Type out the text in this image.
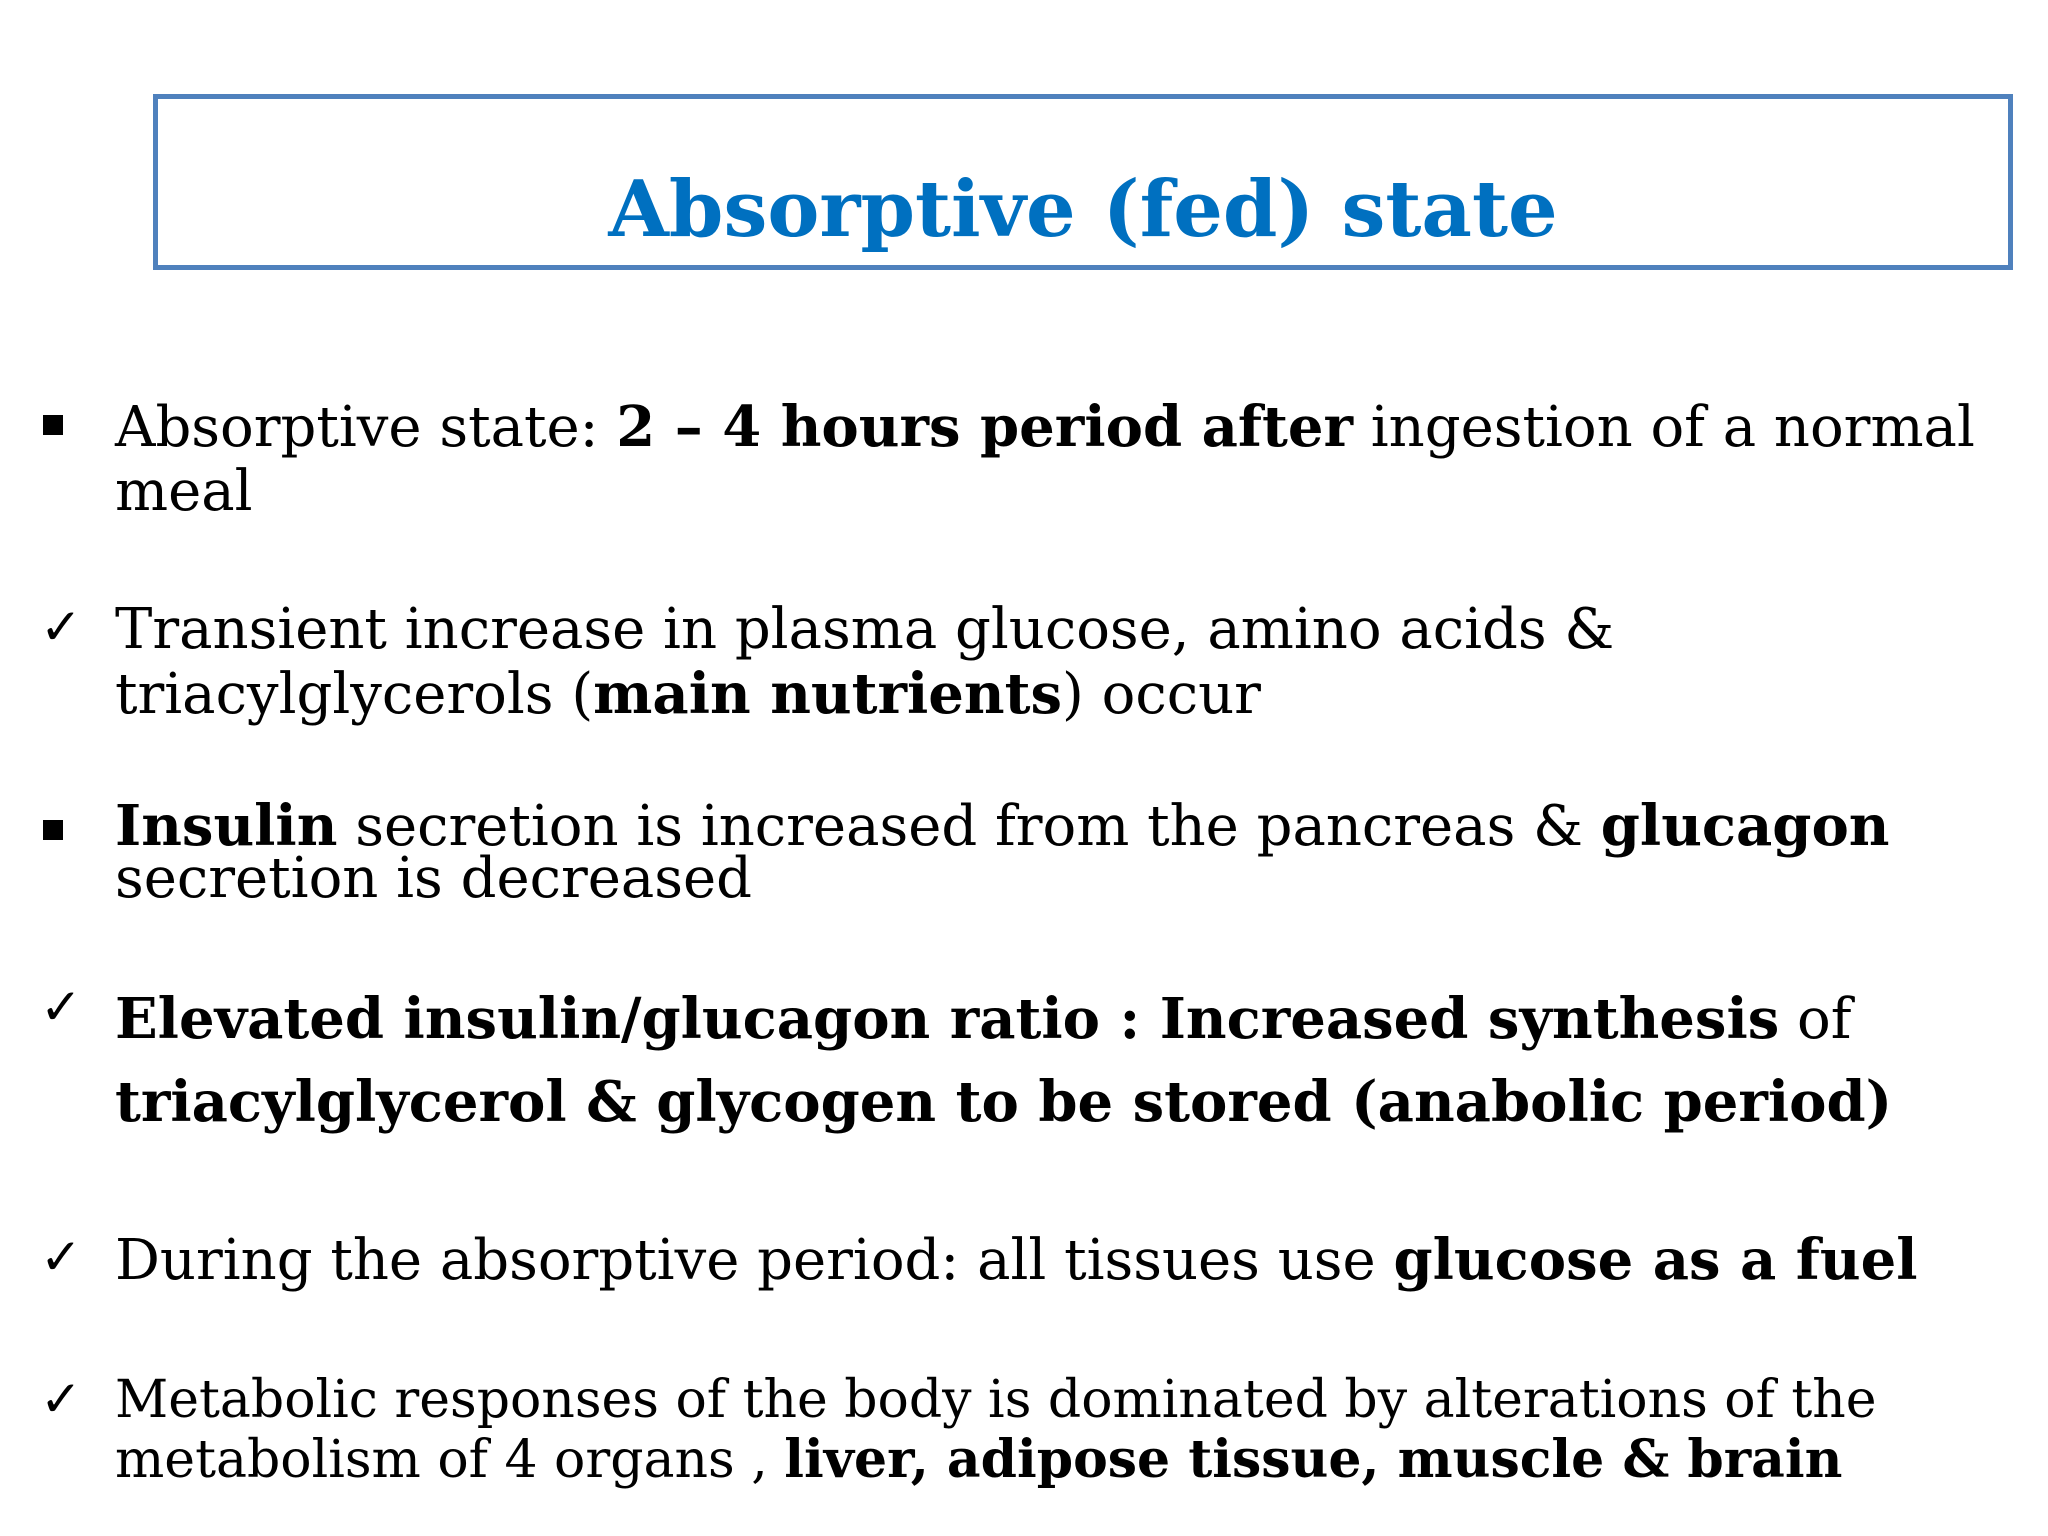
Absorptive (fed) state
Absorptive state: 2 – 4 hours period after ingestion of a normal
meal
✓ Transient increase in plasma glucose, amino acids &
triacylglycerols (main nutrients) occur
Insulin secretion is increased from the pancreas & glucagon
secretion is decreased
✓ Elevated insulin/glucagon ratio : Increased synthesis of
triacylglycerol & glycogen to be stored (anabolic period)
✓ During the absorptive period: all tissues use glucose as a fuel
✓ Metabolic responses of the body is dominated by alterations of the
metabolism of 4 organs , liver, adipose tissue, muscle & brain
